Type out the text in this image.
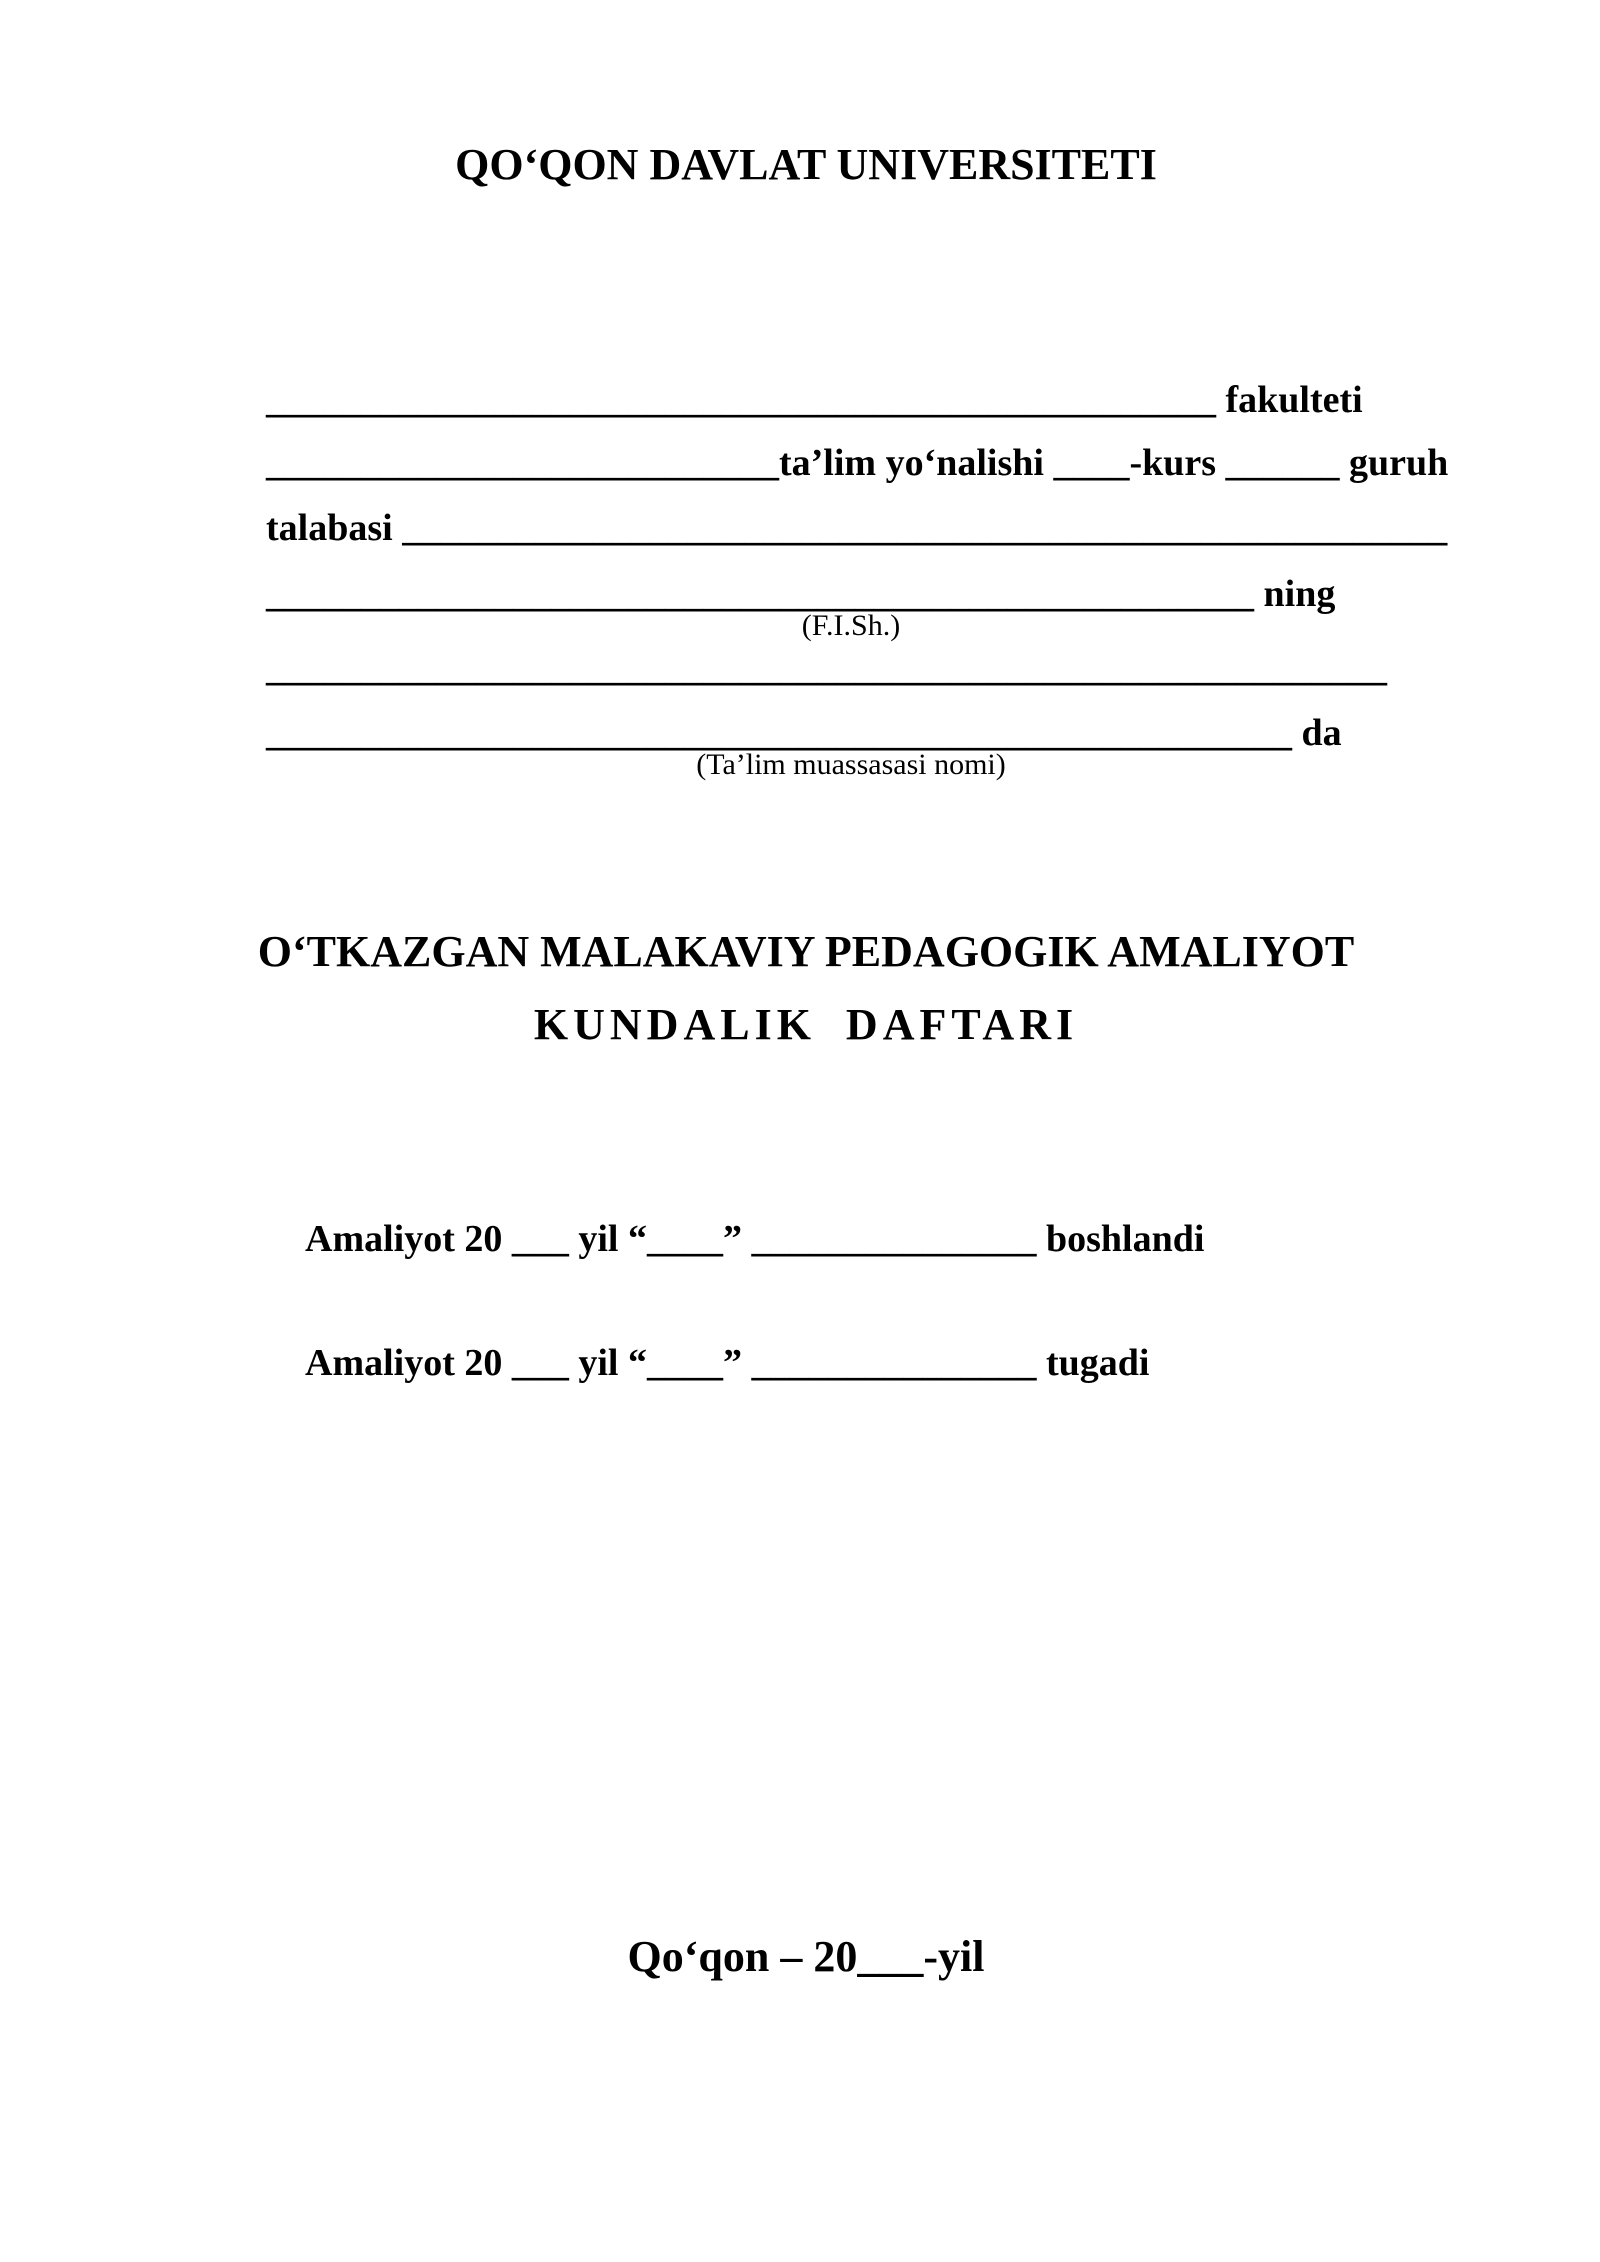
QO‘QON DAVLAT UNIVERSITETI
__________________________________________________ fakulteti
___________________________ta’lim yo‘nalishi ____-kurs ______ guruh
talabasi _______________________________________________________
____________________________________________________ ning
(F.I.Sh.)
___________________________________________________________
______________________________________________________ da
(Ta’lim muassasasi nomi)
O‘TKAZGAN MALAKAVIY PEDAGOGIK AMALIYOT
KUNDALIK DAFTARI
Amaliyot 20 ___ yil “____” _______________ boshlandi
Amaliyot 20 ___ yil “____” _______________ tugadi
Qo‘qon – 20___-yil
